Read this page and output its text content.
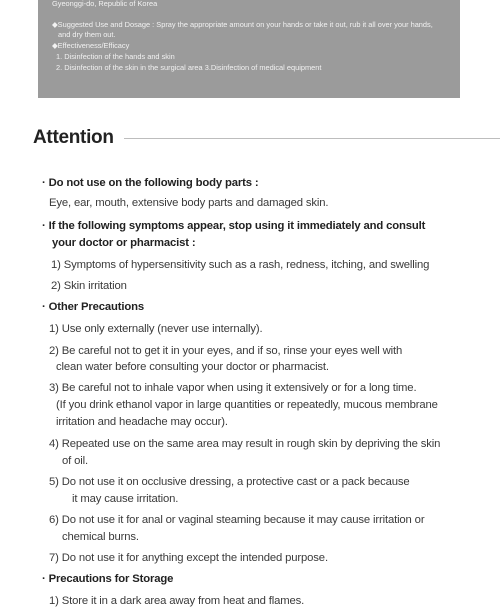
Gyeonggi-do, Republic of Korea
◆Suggested Use and Dosage : Spray the appropriate amount on your hands or take it out, rub it all over your hands,
and dry them out.
◆Effectiveness/Efficacy
1. Disinfection of the hands and skin
2. Disinfection of the skin in the surgical area 3.Disinfection of medical equipment
Attention
· Do not use on the following body parts :
Eye, ear, mouth, extensive body parts and damaged skin.
· If the following symptoms appear, stop using it immediately and consult
your doctor or pharmacist :
1) Symptoms of hypersensitivity such as a rash, redness, itching, and swelling
2) Skin irritation
· Other Precautions
1) Use only externally (never use internally).
2) Be careful not to get it in your eyes, and if so, rinse your eyes well with
clean water before consulting your doctor or pharmacist.
3) Be careful not to inhale vapor when using it extensively or for a long time.
(If you drink ethanol vapor in large quantities or repeatedly, mucous membrane
irritation and headache may occur).
4) Repeated use on the same area may result in rough skin by depriving the skin
of oil.
5) Do not use it on occlusive dressing, a protective cast or a pack because
it may cause irritation.
6) Do not use it for anal or vaginal steaming because it may cause irritation or
chemical burns.
7) Do not use it for anything except the intended purpose.
· Precautions for Storage
1) Store it in a dark area away from heat and flames.
